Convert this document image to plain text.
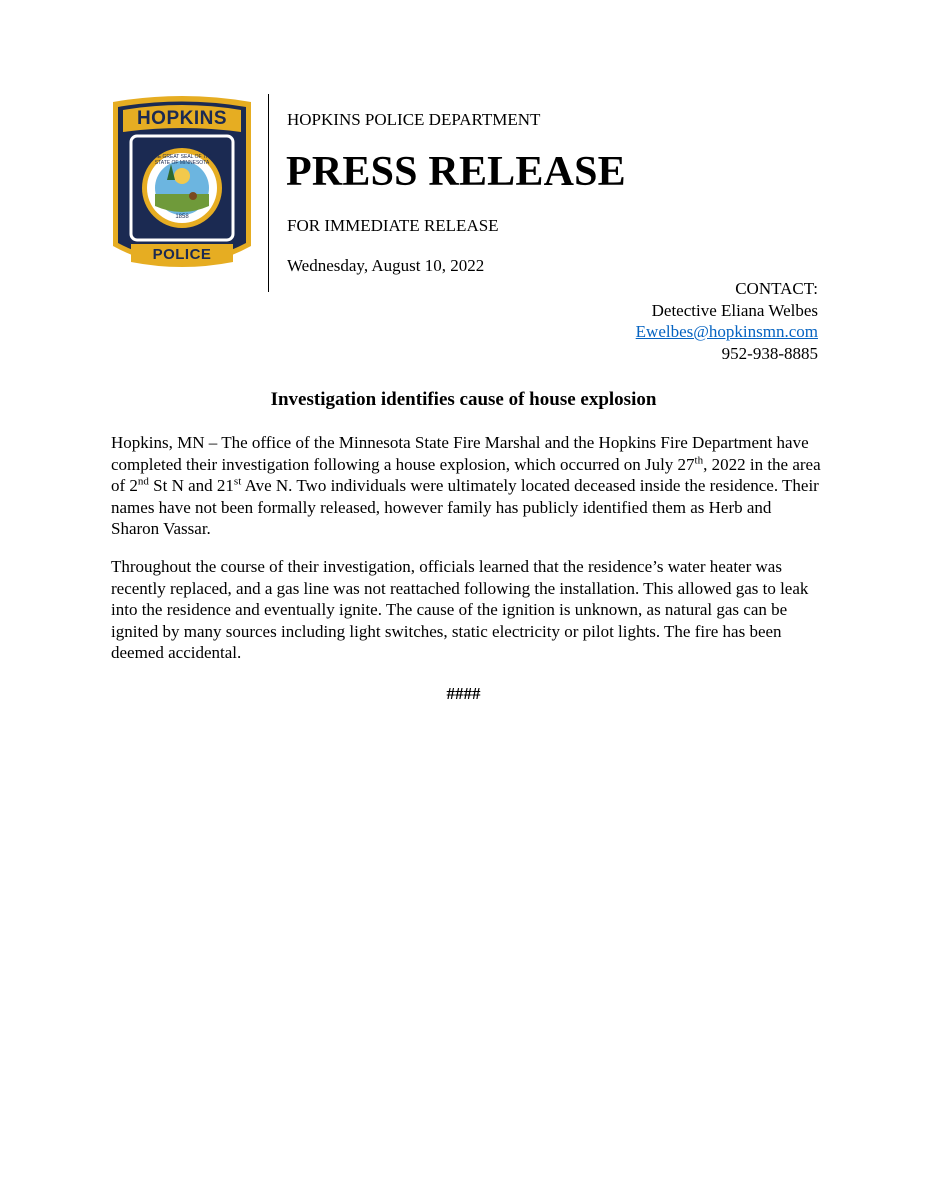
HOPKINS
THE GREAT SEAL OF THE STATE OF MINNESOTA
1858
POLICE
HOPKINS POLICE DEPARTMENT
PRESS RELEASE
FOR IMMEDIATE RELEASE
Wednesday, August 10, 2022
CONTACT:
Detective Eliana Welbes
Ewelbes@hopkinsmn.com
952-938-8885
Investigation identifies cause of house explosion

Hopkins, MN – The office of the Minnesota State Fire Marshal and the Hopkins Fire Department have completed their investigation following a house explosion, which occurred on July 27th, 2022 in the area of 2nd St N and 21st Ave N. Two individuals were ultimately located deceased inside the residence. Their names have not been formally released, however family has publicly identified them as Herb and Sharon Vassar.

Throughout the course of their investigation, officials learned that the residence’s water heater was recently replaced, and a gas line was not reattached following the installation. This allowed gas to leak into the residence and eventually ignite. The cause of the ignition is unknown, as natural gas can be ignited by many sources including light switches, static electricity or pilot lights. The fire has been deemed accidental.

####
